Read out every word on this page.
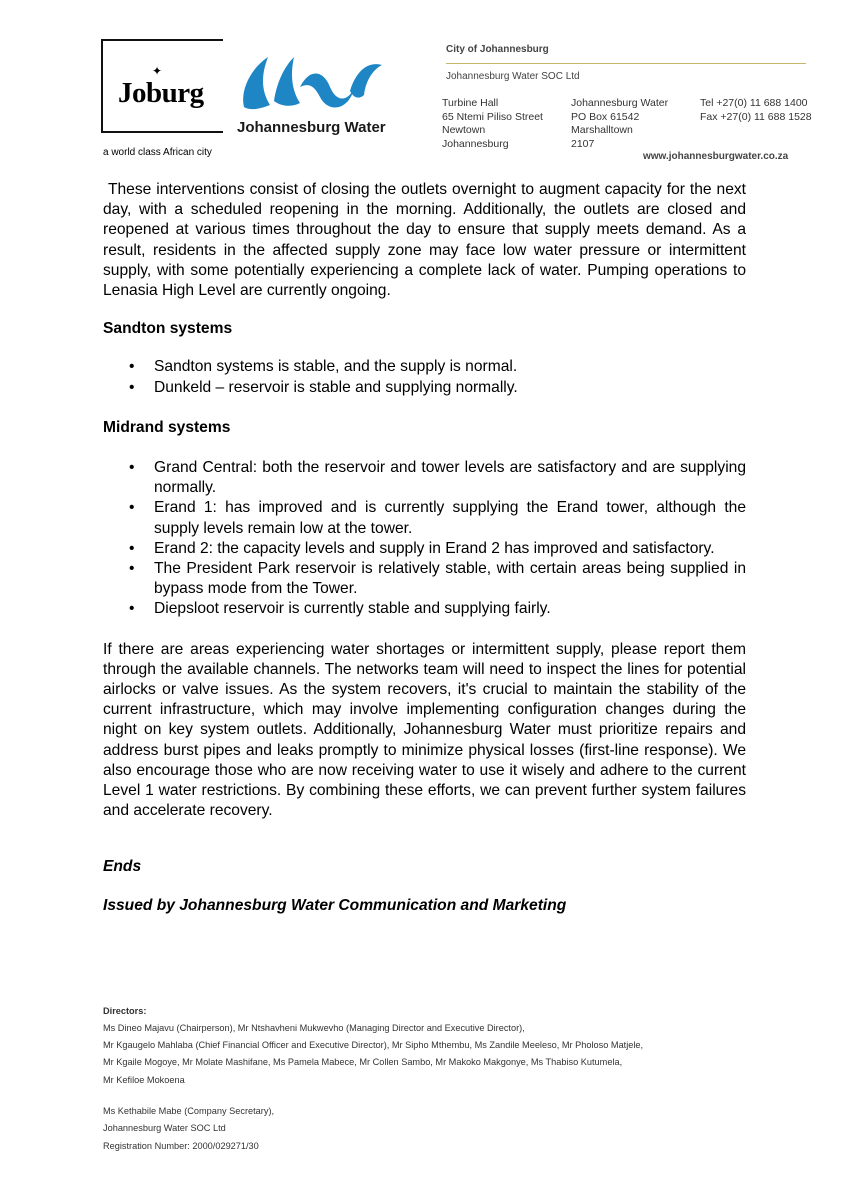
✦
Joburg
a world class African city
Johannesburg Water
City of Johannesburg
Johannesburg Water SOC Ltd
Turbine Hall
65 Ntemi Piliso Street
Newtown
Johannesburg
Johannesburg Water
PO Box 61542
Marshalltown
2107
Tel +27(0) 11 688 1400
Fax +27(0) 11 688 1528
www.johannesburgwater.co.za

These interventions consist of closing the outlets overnight to augment capacity for the next day, with a scheduled reopening in the morning. Additionally, the outlets are closed and reopened at various times throughout the day to ensure that supply meets demand. As a result, residents in the affected supply zone may face low water pressure or intermittent supply, with some potentially experiencing a complete lack of water. Pumping operations to Lenasia High Level are currently ongoing.

Sandton systems

• Sandton systems is stable, and the supply is normal.
• Dunkeld – reservoir is stable and supplying normally.

Midrand systems

• Grand Central: both the reservoir and tower levels are satisfactory and are supplying normally.
• Erand 1: has improved and is currently supplying the Erand tower, although the supply levels remain low at the tower.
• Erand 2: the capacity levels and supply in Erand 2 has improved and satisfactory.
• The President Park reservoir is relatively stable, with certain areas being supplied in bypass mode from the Tower.
• Diepsloot reservoir is currently stable and supplying fairly.

If there are areas experiencing water shortages or intermittent supply, please report them through the available channels. The networks team will need to inspect the lines for potential airlocks or valve issues. As the system recovers, it's crucial to maintain the stability of the current infrastructure, which may involve implementing configuration changes during the night on key system outlets. Additionally, Johannesburg Water must prioritize repairs and address burst pipes and leaks promptly to minimize physical losses (first-line response). We also encourage those who are now receiving water to use it wisely and adhere to the current Level 1 water restrictions. By combining these efforts, we can prevent further system failures and accelerate recovery.

Ends

Issued by Johannesburg Water Communication and Marketing

Directors:
Ms Dineo Majavu (Chairperson), Mr Ntshavheni Mukwevho (Managing Director and Executive Director),
Mr Kgaugelo Mahlaba (Chief Financial Officer and Executive Director), Mr Sipho Mthembu, Ms Zandile Meeleso, Mr Pholoso Matjele,
Mr Kgaile Mogoye, Mr Molate Mashifane, Ms Pamela Mabece, Mr Collen Sambo, Mr Makoko Makgonye, Ms Thabiso Kutumela,
Mr Kefiloe Mokoena
Ms Kethabile Mabe (Company Secretary),
Johannesburg Water SOC Ltd
Registration Number: 2000/029271/30
